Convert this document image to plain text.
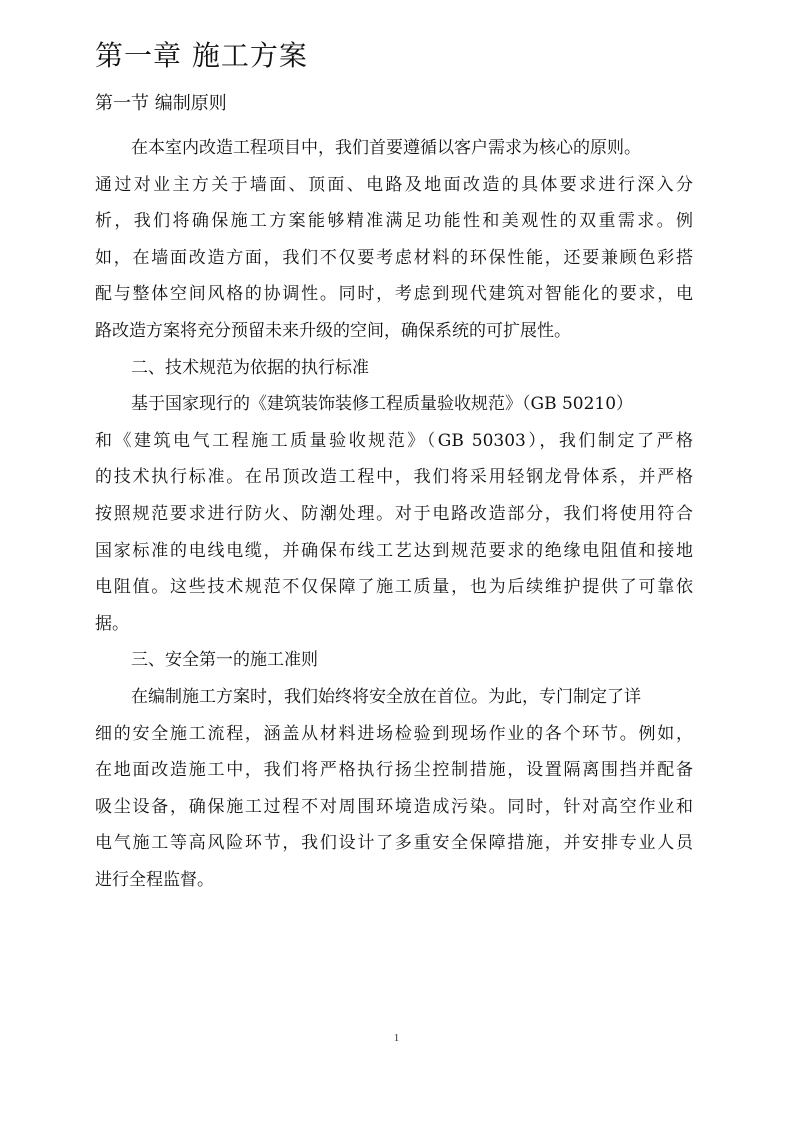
第一章 施工方案
第一节 编制原则
在本室内改造工程项目中，我们首要遵循以客户需求为核心的原则。
通过对业主方关于墙面、顶面、电路及地面改造的具体要求进行深入分
析，我们将确保施工方案能够精准满足功能性和美观性的双重需求。例
如，在墙面改造方面，我们不仅要考虑材料的环保性能，还要兼顾色彩搭
配与整体空间风格的协调性。同时，考虑到现代建筑对智能化的要求，电
路改造方案将充分预留未来升级的空间，确保系统的可扩展性。
二、技术规范为依据的执行标准
基于国家现行的《建筑装饰装修工程质量验收规范》（GB 50210）
和《建筑电气工程施工质量验收规范》（GB 50303），我们制定了严格
的技术执行标准。在吊顶改造工程中，我们将采用轻钢龙骨体系，并严格
按照规范要求进行防火、防潮处理。对于电路改造部分，我们将使用符合
国家标准的电线电缆，并确保布线工艺达到规范要求的绝缘电阻值和接地
电阻值。这些技术规范不仅保障了施工质量，也为后续维护提供了可靠依
据。
三、安全第一的施工准则
在编制施工方案时，我们始终将安全放在首位。为此，专门制定了详
细的安全施工流程，涵盖从材料进场检验到现场作业的各个环节。例如，
在地面改造施工中，我们将严格执行扬尘控制措施，设置隔离围挡并配备
吸尘设备，确保施工过程不对周围环境造成污染。同时，针对高空作业和
电气施工等高风险环节，我们设计了多重安全保障措施，并安排专业人员
进行全程监督。
1
